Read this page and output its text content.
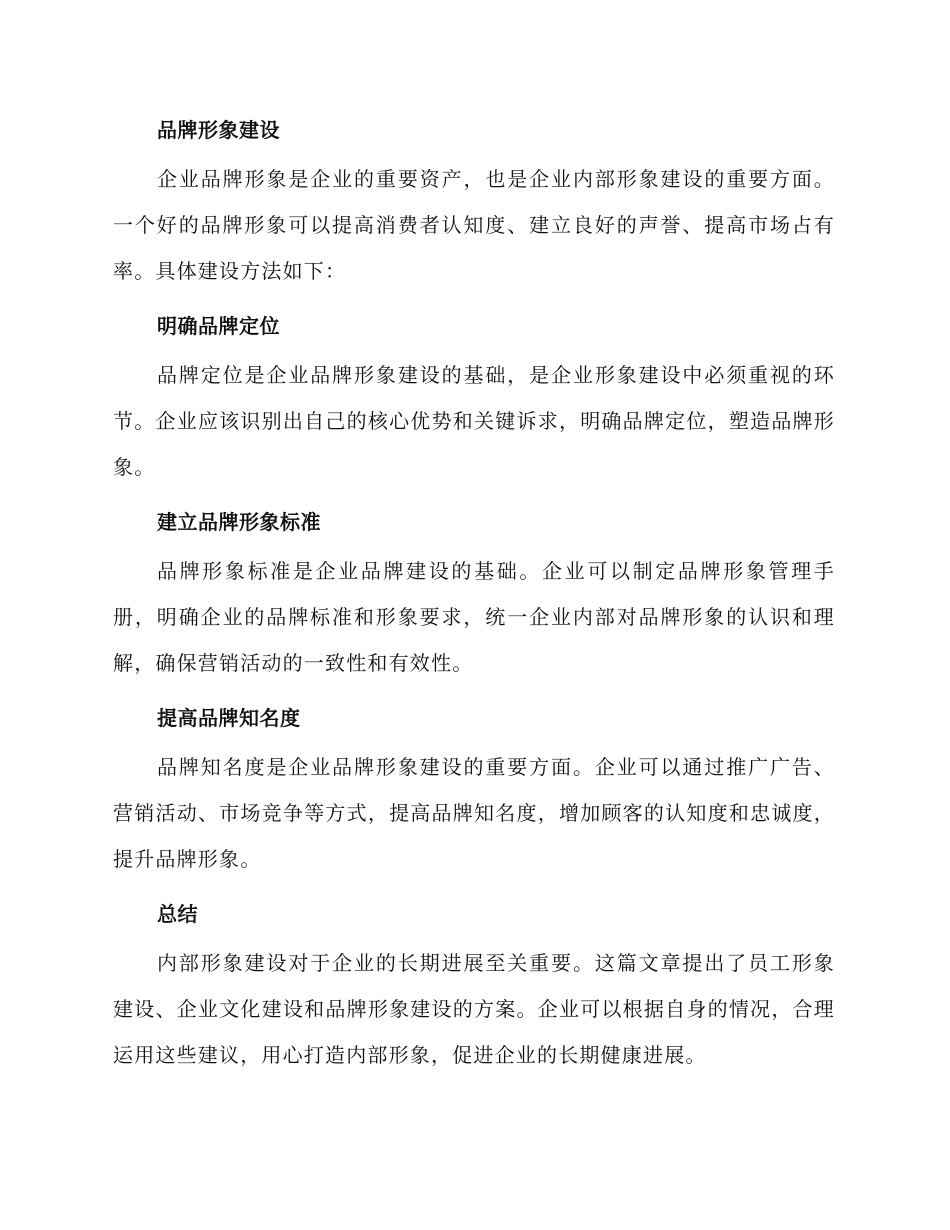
品牌形象建设

企业品牌形象是企业的重要资产，也是企业内部形象建设的重要方面。一个好的品牌形象可以提高消费者认知度、建立良好的声誉、提高市场占有率。具体建设方法如下：

明确品牌定位

品牌定位是企业品牌形象建设的基础，是企业形象建设中必须重视的环节。企业应该识别出自己的核心优势和关键诉求，明确品牌定位，塑造品牌形象。

建立品牌形象标准

品牌形象标准是企业品牌建设的基础。企业可以制定品牌形象管理手册，明确企业的品牌标准和形象要求，统一企业内部对品牌形象的认识和理解，确保营销活动的一致性和有效性。

提高品牌知名度

品牌知名度是企业品牌形象建设的重要方面。企业可以通过推广广告、营销活动、市场竞争等方式，提高品牌知名度，增加顾客的认知度和忠诚度，提升品牌形象。

总结

内部形象建设对于企业的长期进展至关重要。这篇文章提出了员工形象建设、企业文化建设和品牌形象建设的方案。企业可以根据自身的情况，合理运用这些建议，用心打造内部形象，促进企业的长期健康进展。
